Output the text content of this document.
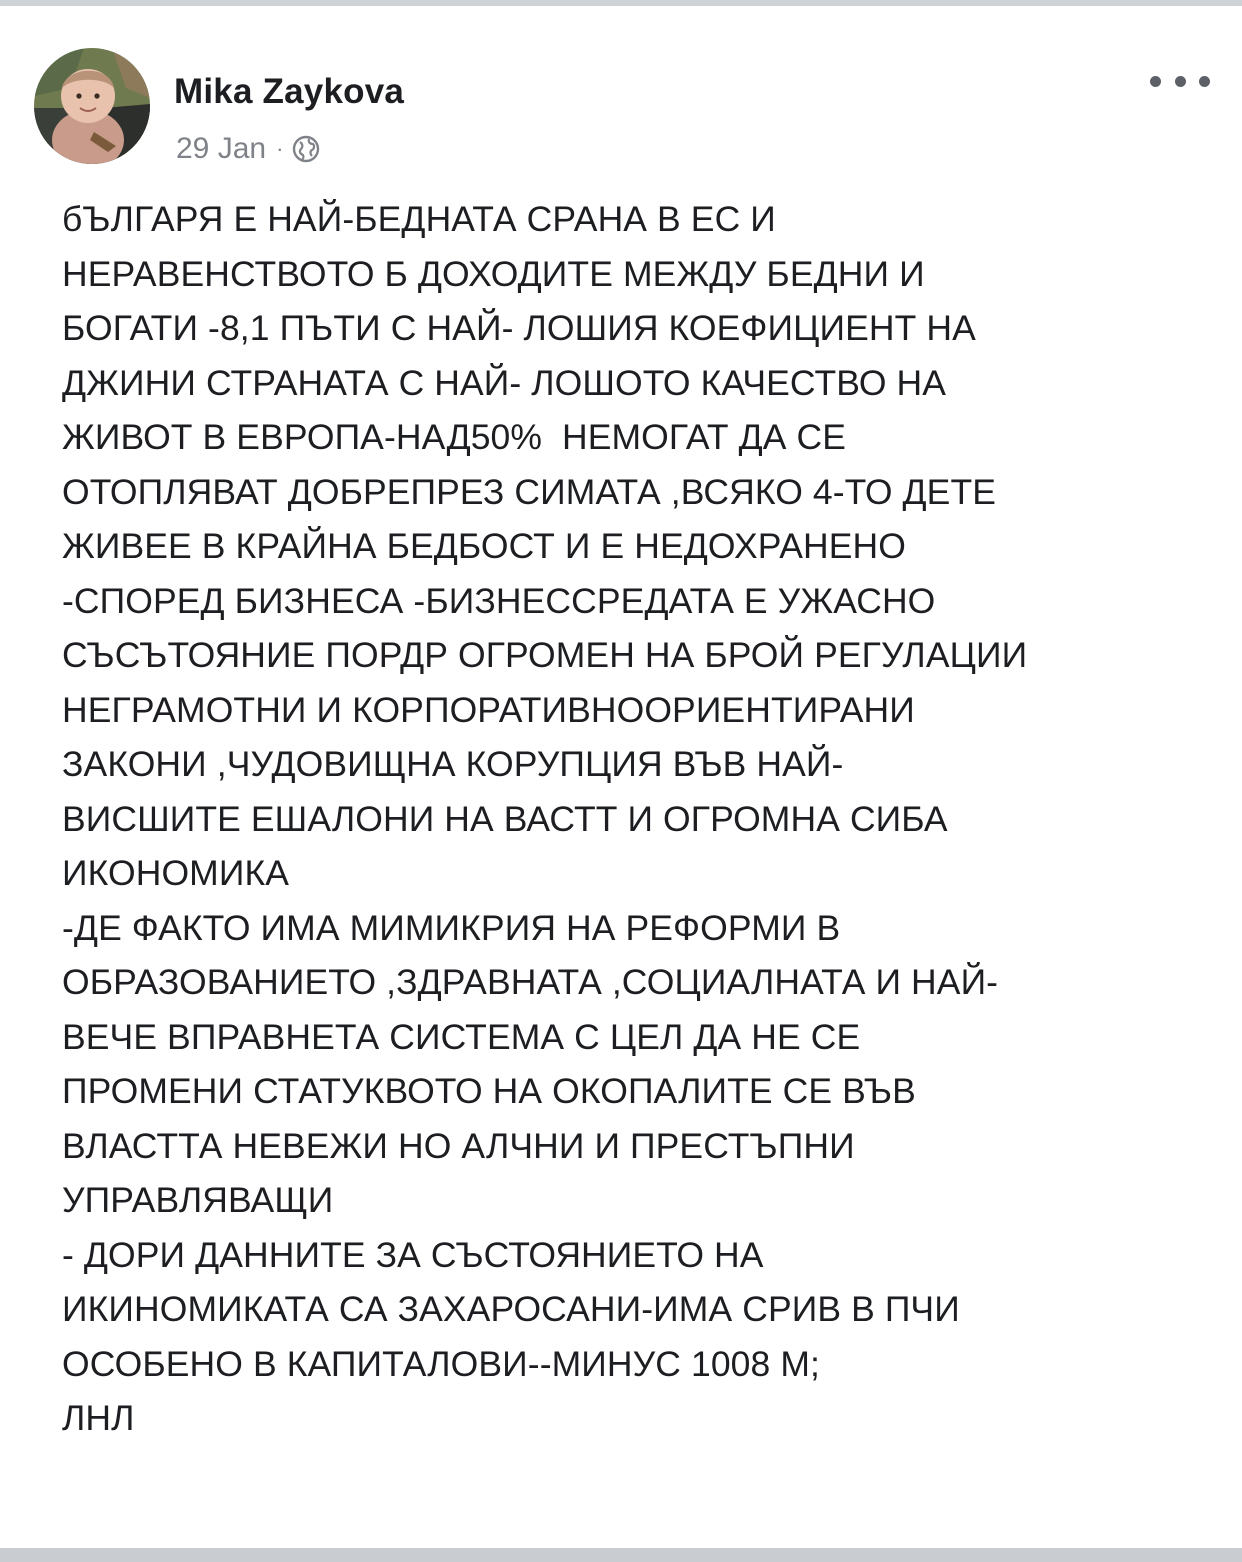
Mika Zaykova
29 Jan ·

бЪЛГАРЯ Е НАЙ-БЕДНАТА СРАНА В ЕС И
НЕРАВЕНСТВОТО Б ДОХОДИТЕ МЕЖДУ БЕДНИ И
БОГАТИ -8,1 ПЪТИ С НАЙ- ЛОШИЯ КОЕФИЦИЕНТ НА
ДЖИНИ СТРАНАТА С НАЙ- ЛОШОТО КАЧЕСТВО НА
ЖИВОТ В ЕВРОПА-НАД50%  НЕМОГАТ ДА СЕ
ОТОПЛЯВАТ ДОБРЕПРЕЗ СИМАТА ,ВСЯКО 4-ТО ДЕТЕ
ЖИВЕЕ В КРАЙНА БЕДБОСТ И Е НЕДОХРАНЕНО
-СПОРЕД БИЗНЕСА -БИЗНЕССРЕДАТА Е УЖАСНО
СЪСЪТОЯНИЕ ПОРДР ОГРОМЕН НА БРОЙ РЕГУЛАЦИИ
НЕГРАМОТНИ И КОРПОРАТИВНООРИЕНТИРАНИ
ЗАКОНИ ,ЧУДОВИЩНА КОРУПЦИЯ ВЪВ НАЙ-
ВИСШИТЕ ЕШАЛОНИ НА ВАСТТ И ОГРОМНА СИБА
ИКОНОМИКА
-ДЕ ФАКТО ИМА МИМИКРИЯ НА РЕФОРМИ В
ОБРАЗОВАНИЕТО ,ЗДРАВНАТА ,СОЦИАЛНАТА И НАЙ-
ВЕЧЕ ВПРАВНЕТА СИСТЕМА С ЦЕЛ ДА НЕ СЕ
ПРОМЕНИ СТАТУКВОТО НА ОКОПАЛИТЕ СЕ ВЪВ
ВЛАСТТА НЕВЕЖИ НО АЛЧНИ И ПРЕСТЪПНИ
УПРАВЛЯВАЩИ
- ДОРИ ДАННИТЕ ЗА СЪСТОЯНИЕТО НА
ИКИНОМИКАТА СА ЗАХАРОСАНИ-ИМА СРИВ В ПЧИ
ОСОБЕНО В КАПИТАЛОВИ--МИНУС 1008 М;
ЛНЛ
